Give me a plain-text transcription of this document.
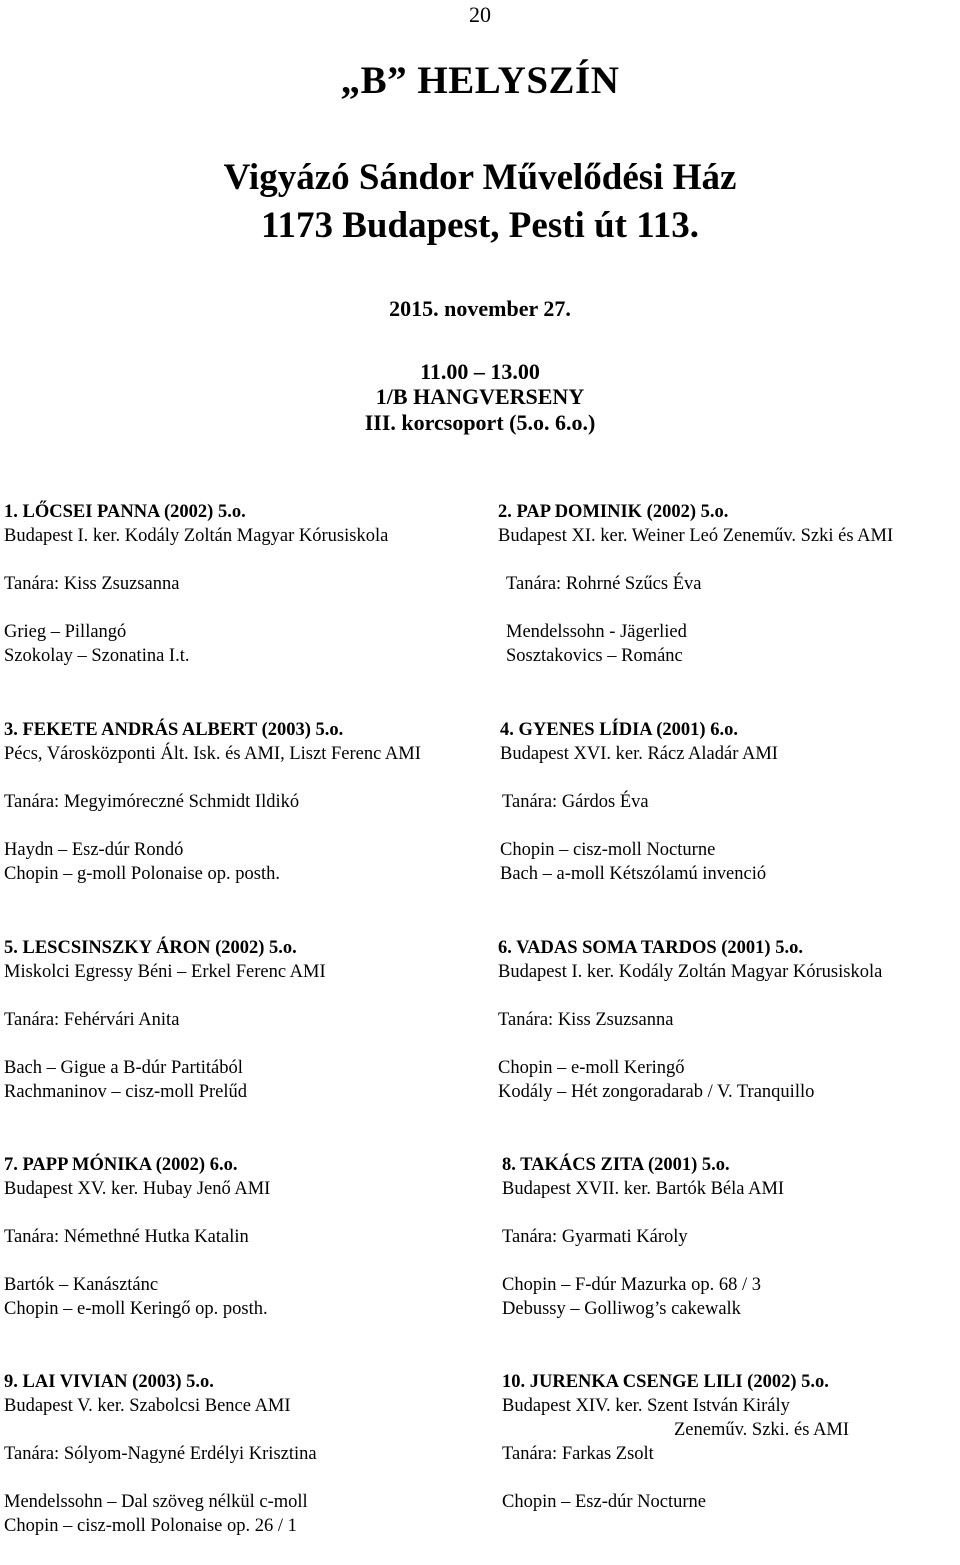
20
„B” HELYSZÍN
Vigyázó Sándor Művelődési Ház
1173 Budapest, Pesti út 113.
2015. november 27.
11.00 – 13.00
1/B HANGVERSENY
III. korcsoport (5.o. 6.o.)
1. LŐCSEI PANNA (2002) 5.o.
Budapest I. ker. Kodály Zoltán Magyar Kórusiskola
Tanára: Kiss Zsuzsanna
Grieg – Pillangó
Szokolay – Szonatina I.t.
2. PAP DOMINIK (2002) 5.o.
Budapest XI. ker. Weiner Leó Zeneműv. Szki és AMI
Tanára: Rohrné Szűcs Éva
Mendelssohn - Jägerlied
Sosztakovics – Románc
3. FEKETE ANDRÁS ALBERT (2003) 5.o.
Pécs, Városközponti Ált. Isk. és AMI, Liszt Ferenc AMI
Tanára: Megyimóreczné Schmidt Ildikó
Haydn – Esz-dúr Rondó
Chopin – g-moll Polonaise op. posth.
4. GYENES LÍDIA (2001) 6.o.
Budapest XVI. ker. Rácz Aladár AMI
Tanára: Gárdos Éva
Chopin – cisz-moll Nocturne
Bach – a-moll Kétszólamú invenció
5. LESCSINSZKY ÁRON (2002) 5.o.
Miskolci Egressy Béni – Erkel Ferenc AMI
Tanára: Fehérvári Anita
Bach – Gigue a B-dúr Partitából
Rachmaninov – cisz-moll Prelűd
6. VADAS SOMA TARDOS (2001) 5.o.
Budapest I. ker. Kodály Zoltán Magyar Kórusiskola
Tanára: Kiss Zsuzsanna
Chopin – e-moll Keringő
Kodály – Hét zongoradarab / V. Tranquillo
7. PAPP MÓNIKA (2002) 6.o.
Budapest XV. ker. Hubay Jenő AMI
Tanára: Némethné Hutka Katalin
Bartók – Kanásztánc
Chopin – e-moll Keringő op. posth.
8. TAKÁCS ZITA (2001) 5.o.
Budapest XVII. ker. Bartók Béla AMI
Tanára: Gyarmati Károly
Chopin – F-dúr Mazurka op. 68 / 3
Debussy – Golliwog’s cakewalk
9. LAI VIVIAN (2003) 5.o.
Budapest V. ker. Szabolcsi Bence AMI
Tanára: Sólyom-Nagyné Erdélyi Krisztina
Mendelssohn – Dal szöveg nélkül c-moll
Chopin – cisz-moll Polonaise op. 26 / 1
10. JURENKA CSENGE LILI (2002) 5.o.
Budapest XIV. ker. Szent István Király
Zeneműv. Szki. és AMI
Tanára: Farkas Zsolt
Chopin – Esz-dúr Nocturne
